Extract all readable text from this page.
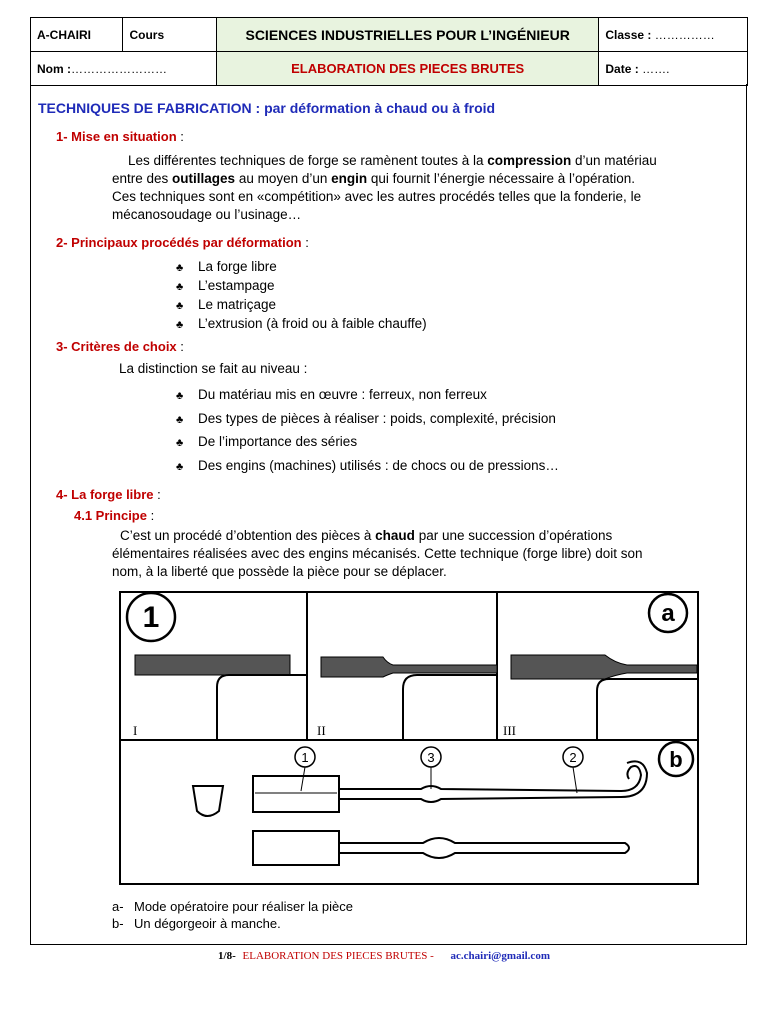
A-CHAIRI	Cours	SCIENCES INDUSTRIELLES POUR L’INGÉNIEUR	Classe : ……………
Nom :……………………		ELABORATION DES PIECES BRUTES	Date : …….
TECHNIQUES DE FABRICATION : par déformation à chaud ou à froid
1- Mise en situation :
Les différentes techniques de forge se ramènent toutes à la compression d’un matériau
entre des outillages au moyen d’un engin qui fournit l’énergie nécessaire à l’opération.
Ces techniques sont en «compétition» avec les autres procédés telles que la fonderie, le
mécanosoudage ou l’usinage…
2- Principaux procédés par déformation :
♣ La forge libre
♣ L’estampage
♣ Le matriçage
♣ L’extrusion (à froid ou à faible chauffe)
3- Critères de choix :
La distinction se fait au niveau :
♣ Du matériau mis en œuvre : ferreux, non ferreux
♣ Des types de pièces à réaliser : poids, complexité, précision
♣ De l’importance des séries
♣ Des engins (machines) utilisés : de chocs ou de pressions…
4- La forge libre :
4.1 Principe :
C’est un procédé d’obtention des pièces à chaud par une succession d’opérations
élémentaires réalisées avec des engins mécanisés. Cette technique (forge libre) doit son
nom, à la liberté que possède la pièce pour se déplacer.
1
I	II
a
III
b
1	3	2
a- Mode opératoire pour réaliser la pièce
b- Un dégorgeoir à manche.
1/8- ELABORATION DES PIECES BRUTES - ac.chairi@gmail.com
